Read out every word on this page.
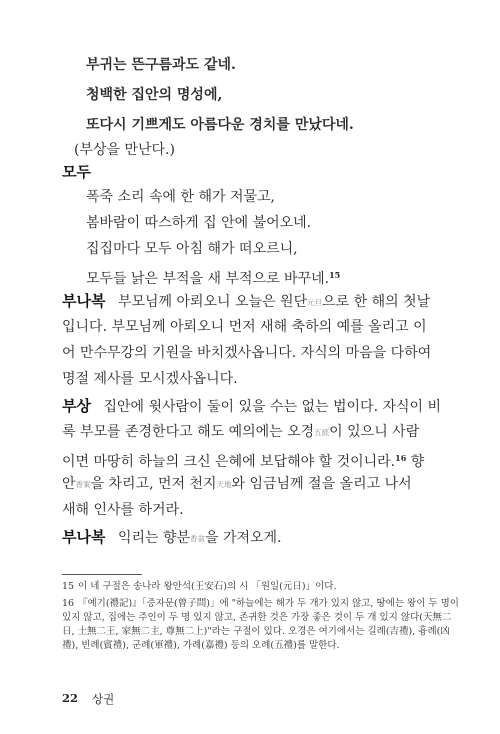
부귀는 뜬구름과도 같네.
청백한 집안의 명성에,
또다시 기쁘게도 아름다운 경치를 만났다네.
(부상을 만난다.)
모두
폭죽 소리 속에 한 해가 저물고,
봄바람이 따스하게 집 안에 불어오네.
집집마다 모두 아침 해가 떠오르니,
모두들 낡은 부적을 새 부적으로 바꾸네.$^{15}$
부나복 부모님께 아뢰오니 오늘은 원단元旦으로 한 해의 첫날
입니다. 부모님께 아뢰오니 먼저 새해 축하의 예를 올리고 이
어 만수무강의 기원을 바치겠사옵니다. 자식의 마음을 다하여
명절 제사를 모시겠사옵니다.
부상 집안에 윗사람이 둘이 있을 수는 없는 법이다. 자식이 비
록 부모를 존경한다고 해도 예의에는 오경五經이 있으니 사람
이면 마땅히 하늘의 크신 은혜에 보답해야 할 것이니라.$^{16}$ 향
안香案을 차리고, 먼저 천지天地와 임금님께 절을 올리고 나서
새해 인사를 하거라.
부나복 익리는 향분香盆을 가져오게.
15 이 네 구절은 송나라 왕안석(王安石)의 시 「원일(元日)」이다.
16 『예기(禮記)』「증자문(曾子問)」에 "하늘에는 해가 두 개가 있지 않고, 땅에는 왕이 두 명이
있지 않고, 집에는 주인이 두 명 있지 않고, 존귀한 것은 가장 좋은 것이 두 개 있지 않다(天無二
日, 土無二王, 家無二主, 尊無二上)"라는 구절이 있다. 오경은 여기에서는 길례(吉禮), 흉례(凶
禮), 빈례(賓禮), 군례(軍禮), 가례(嘉禮) 등의 오례(五禮)를 말한다.
22 상권
